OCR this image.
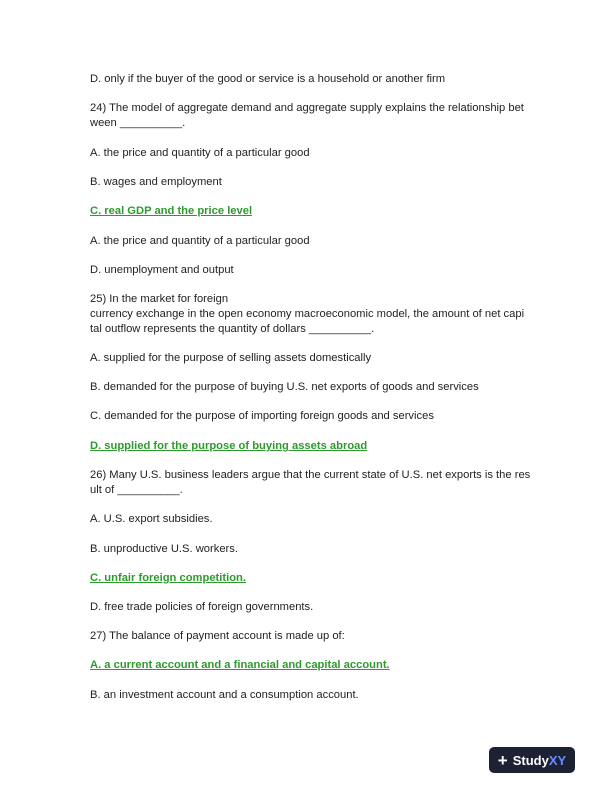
D. only if the buyer of the good or service is a household or another firm
24) The model of aggregate demand and aggregate supply explains the relationship bet
ween __________.
A. the price and quantity of a particular good
B. wages and employment
C. real GDP and the price level
A. the price and quantity of a particular good
D. unemployment and output
25) In the market for foreign
currency exchange in the open economy macroeconomic model, the amount of net capi
tal outflow represents the quantity of dollars __________.
A. supplied for the purpose of selling assets domestically
B. demanded for the purpose of buying U.S. net exports of goods and services
C. demanded for the purpose of importing foreign goods and services
D. supplied for the purpose of buying assets abroad
26) Many U.S. business leaders argue that the current state of U.S. net exports is the res
ult of __________.
A. U.S. export subsidies.
B. unproductive U.S. workers.
C. unfair foreign competition.
D. free trade policies of foreign governments.
27) The balance of payment account is made up of:
A. a current account and a financial and capital account.
B. an investment account and a consumption account.
+ StudyXY
